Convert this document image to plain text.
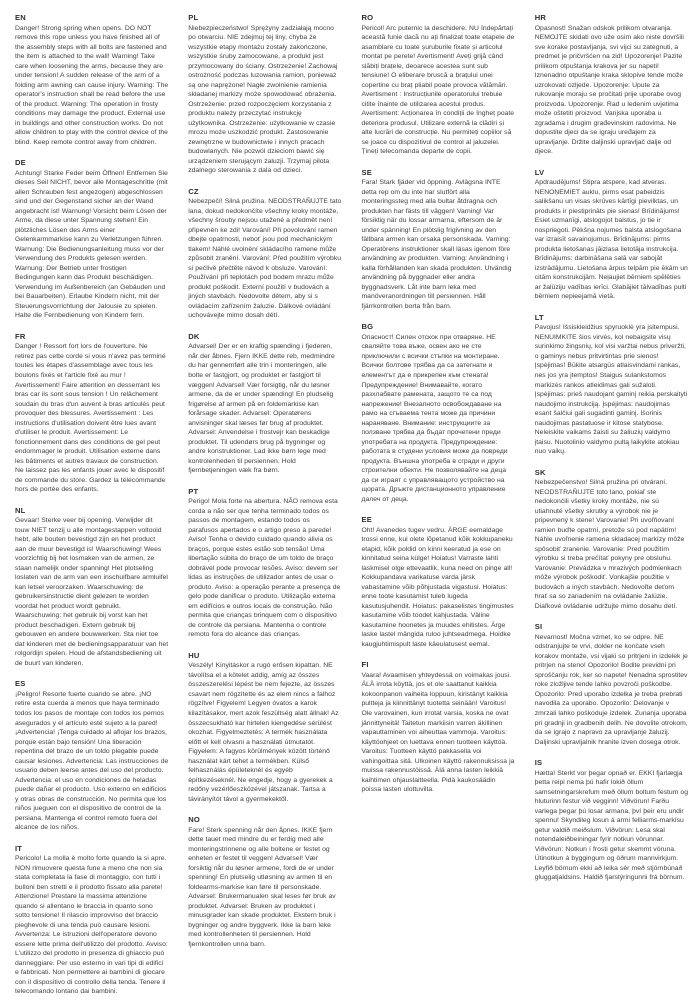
EN

Danger! Strong spring when opens. DO NOT remove this rope unless you have finished all of the assembly steps with all bolts are fastened and the item is attached to the wall! Warning! Take care when loosening the arms, because they are under tension! A sudden release of the arm of a folding arm awning can cause injury. Warning: The operator's instruction shall be read before the use of the product. Warning: The operation in frosty conditions may damage the product. External use in buildings and other construction works. Do not allow children to play with the control device of the blind. Keep remote control away from children.

DE

Achtung! Starke Feder beim Öffnen! Entfernen Sie dieses Seil NICHT, bevor alle Montageschritte (mit allen Schrauben fest angezogen) abgeschlossen sind und der Gegenstand sicher an der Wand angebracht ist! Warnung! Vorsicht beim Lösen der Arme, da diese unter Spannung stehen! Ein plötzliches Lösen des Arms einer Gelenkarmmarkise kann zu Verletzungen führen. Warnung: Die Bedienungsanleitung muss vor der Verwendung des Produkts gelesen werden. Warnung: Der Betrieb unter frostigen Bedingungen kann das Produkt beschädigen. Verwendung im Außenbereich (an Gebäuden und bei Bauarbeiten). Erlaube Kindern nicht, mit der Steuerungsvorrichtung der Jalousie zu spielen. Halte die Fernbedienung von Kindern fern.

FR

Danger ! Ressort fort lors de l'ouverture. Ne retirez pas cette corde si vous n'avez pas terminé toutes les étapes d'assemblage avec tous les boulons fixés et l'article fixé au mur ! Avertissement! Faire attention en desserrant les bras car ils sont sous tension ! Un relâchement soudain du bras d'un auvent à bras articulés peut provoquer des blessures. Avertissement : Les instructions d'utilisation doivent être lues avant d'utiliser le produit. Avertissement: Le fonctionnement dans des conditions de gel peut endommager le produit. Utilisation externe dans les bâtiments et autres travaux de construction. Ne laissez pas les enfants jouer avec le dispositif de commande du store. Gardez la télécommande hors de portée des enfants.

NL

Gevaar! Sterke veer bij opening. Verwijder dit touw NIET tenzij u alle montagestappen voltooid hebt, alle bouten bevestigd zijn en het product aan de muur bevestigd is! Waarschuwing! Wees voorzichtig bij het losmaken van de armen, ze staan namelijk onder spanning! Het plotseling loslaten van de arm van een inschuifbare armluifel kan letsel veroorzaken. Waarschuwing: de gebruikersinstructie dient gelezen te worden voordat het product wordt gebruikt. Waarschuwing: het gebruik bij vorst kan het product beschadigen. Extern gebruik bij gebouwen en andere bouwwerken. Sta niet toe dat kinderen met de bedieningsapparatuur van het rolgordijn spelen. Houd de afstandsbediening uit de buurt van kinderen.

ES

¡Peligro! Resorte fuerte cuando se abre. ¡NO retire esta cuerda a menos que haya terminado todos los pasos de montaje con todos los pernos asegurados y el artículo esté sujeto a la pared! ¡Advertencia! ¡Tenga cuidado al aflojar los brazos, porque están bajo tensión! Una liberación repentina del brazo de un toldo plegable puede causar lesiones. Advertencia: Las instrucciones de usuario deben leerse antes del uso del producto. Advertencia: el uso en condiciones de heladas puede dañar el producto. Uso externo en edificios y otras obras de construcción. No permita que los niños jueguen con el dispositivo de control de la persiana. Mantenga el control remoto fuera del alcance de los niños.

IT

Pericolo! La molla è molto forte quando la si apre. NON rimuovere questa fune a meno che non sia stata completata la fase di montaggio, con tutti i bulloni ben stretti e il prodotto fissato alla parete! Attenzione! Prestare la massima attenzione quando si allentano le braccia in quanto sono sotto tensione! Il rilascio improvviso del braccio pieghevole di una tenda può causare lesioni. Avvertenza: Le istruzioni dell'operatore devono essere lette prima dell'utilizzo del prodotto. Avviso: L'utilizzo del prodotto in presenza di ghiaccio può danneggiare. Per uso esterno in vari tipi di edifici e fabbricati. Non permettere ai bambini di giocare con il dispositivo di controllo della tenda. Tenere il telecomando lontano dai bambini.

PL

Niebezpieczeństwo! Sprężyny zadziałają mocno po otwarciu. NIE zdejmuj tej liny, chyba że wszystkie etapy montażu zostały zakończone, wszystkie śruby zamocowane, a produkt jest przymocowany do ściany. Ostrzeżenie! Zachowaj ostrożność podczas luzowania ramion, ponieważ są one naprężone! Nagłe zwolnienie ramienia składanej markizy może spowodować obrażenia. Ostrzeżenie: przed rozpoczęciem korzystania z produktu należy przeczytać instrukcję użytkownika. Ostrzeżenie: użytkowanie w czasie mrozu może uszkodzić produkt. Zastosowanie zewnętrzne w budownictwie i innych pracach budowlanych. Nie pozwól dzieciom bawić się urządzeniem sterującym żaluzji. Trzymaj pilota zdalnego sterowania z dala od dzieci.

CZ

Nebezpečí! Silná pružina. NEODSTRAŇUJTE tato lana, dokud nedokončíte všechny kroky montáže, všechny šrouby nejsou utažené a předmět není připevněn ke zdi! Varování! Při povolování ramen dbejte opatrnosti, neboť jsou pod mechanickým tlakem! Náhlé uvolnění skládacího ramene může způsobit zranění. Varování: Před použitím výrobku si pečlivě přečtěte návod k obsluze. Varování: Používání při teplotách pod bodem mrazu může produkt poškodit. Externí použití v budovách a jiných stavbách. Nedovolte dětem, aby si s ovládacím zařízením žaluzie. Dálkové ovládání uchovávejte mimo dosah dětí.

DK

Advarsel! Der er en kraftig spænding i fjederen, når der åbnes. Fjern IKKE dette reb, medmindre du har gennemført alle trin i monteringen, alle bolte er fastgjort, og produktet er fastgjort til væggen! Advarsel! Vær forsigtig, når du løsner armene, da de er under spænding! En pludselig frigørelse af armen på en foldemarkise kan forårsage skader. Advarsel: Operatørens anvisninger skal læses før brug af produktet. Advarsel: Anvendelse i frostvejr kan beskadige produktet. Til udendørs brug på bygninger og andre konstruktioner. Lad ikke børn lege med kontrolenheden til persiennen. Hold fjernbetjeningen væk fra børn.

PT

Perigo! Mola forte na abertura. NÃO remova esta corda a não ser que tenha terminado todos os passos de montagem, estando todos os parafusos apertados e o artigo preso à parede! Aviso! Tenha o devido cuidado quando alivia os braços, porque estes estão sob tensão! Uma libertação súbita do braço de um toldo de braço dobrável pode provocar lesões. Aviso: devem ser lidas as instruções de utilizador antes de usar o produto. Aviso: a operação perante a presença de gelo pode danificar o produto. Utilização externa em edifícios e outros locais de construção. Não permita que crianças brinquem com o dispositivo de controle da persiana. Mantenha o controle remoto fora do alcance das crianças.

HU

Veszély! Kinyitáskor a rugó erősen kipattan. NE távolítsa el a kötelet addig, amíg az összes összeszerelési lépést be nem fejezte, az összes csavart nem rögzítette és az elem nincs a falhoz rögzítve! Figyelem! Legyen óvatos a karok kilazításakor, mert azok feszültség alatt állnak! Az összecsukható kar hirtelen kiengedése sérülést okozhat. Figyelmeztetés: A termék használata előtt el kell olvasni a használati útmutatót. Figyelem: A fagyos körülmények között történő használat kárt tehet a termékben. Külső felhasználás épületeknél és egyéb építkezéseknél. Ne engedje, hogy a gyerekek a redőny vezérlőeszközével játszanak. Tartsa a távirányítót távol a gyermekektől.

NO

Fare! Sterk spenning når den åpnes. IKKE fjern dette tauet med mindre du er ferdig med alle monteringstrinnene og alle boltene er festet og enheten er festet til veggen! Advarsel! Vær forsiktig når du løsner armene, fordi de er under spenning! En plutselig utløsning av armen til en foldearms-markise kan føre til personskade. Advarsel: Brukermanualen skal leses før bruk av produktet. Advarsel: Bruken av produktet i minusgrader kan skade produktet. Ekstern bruk i bygninger og andre byggverk. Ikke la barn leke med kontrollenheten til persiennen. Hold fjernkontrollen unna barn.

RO

Pericol! Arc puternic la deschidere. NU îndepărtați această funie dacă nu ați finalizat toate etapele de asamblare cu toate șuruburile fixate și articolul montat pe perete! Avertisment! Aveți grijă când slăbiți brațele, deoarece acestea sunt sub tensiune! O eliberare bruscă a brațului unei copertine cu braț pliabil poate provoca vătămări. Avertisment : Instrucțiunile operatorului trebuie citite înainte de utilizarea acestui produs. Avertisment: Acționarea în condiții de îngheț poate deteriora produsul. Utilizare externă la clădiri și alte lucrări de construcție. Nu permiteți copiilor să se joace cu dispozitivul de control al jaluzelei. Țineți telecomanda departe de copii.

SE

Fara! Stark fjäder vid öppning. Avlägsna INTE detta rep om du inte har slutfört alla monteringssteg med alla bultar åtdragna och produkten har fästs till väggen! Varning! Var försiktig när du lossar armarna, eftersom de är under spänning! En plötslig frigivning av den fällbara armen kan orsaka personskada. Varning: Operatörens instruktioner skall läsas igenom före användning av produkten. Varning: Användning i kalla förhållanden kan skada produkten. Utvändig användning på byggnader eller andra byggnadsverk. Låt inte barn leka med manöveranordningen till persiennen. Håll fjärrkontrollen borta från barn.

BG

Опасност! Силен отскок при отваряне. НЕ сваляйте това въже, освен ако не сте приключили с всички стъпки на монтиране. Всички болтове трябва да са затегнати и елементът да е прикрепен към стената! Предупреждение! Внимавайте, когато разхлабвате рамената, защото те са под напрежение! Внезапното освобождаване на рамо на сгъваема тента може да причини нараняване. Внимание: инструкциите за ползване трябва да бъдат прочетени преди употребата на продукта. Предупреждение: работата в студени условия може да повреди продукта. Външна употреба в сгради и други строителни обекти. Не позволявайте на деца да си играят с управляващото устройство на щората. Дръжте дистанционното управление далеч от деца.

EE

Oht! Avanedes tugev vedru. ÄRGE eemaldage trossi enne, kui olete lõpetanud kõik kokkupaneku etapid, kõik poldid on kinni keeratud ja ese on kinnitatud seina külge! Hoiatus! Varraste lahti laskmisel olge ettevaatlik, kuna need on pinge all! Kokkupandava varikatuse varda järsk vabastamine võib põhjustada vigastusi. Hoiatus: enne toote kasutamist tuleb lugeda kasutusjuhendit. Hoiatus: pakaselistes tingimustes kasutamine võib toodet kahjustada. Väline kasutamine hoonetes ja muudes ehitistes. Ärge laske lastel mängida ruloo juhtseadmega. Hoidke kaugjuhtimispult laste käeulatusest eemal.

FI

Vaara! Avaamisen yhteydessä on voimakas jousi. ÄLÄ irrota köyttä, jos et ole saattanut kaikkia kokoonpanon vaiheita loppuun, kiristänyt kaikkia pultteja ja kiinnittänyt tuotetta seinään! Varoitus! Ole varovainen, kun irrotat varsia, koska ne ovat jännittyneitä! Taitetun markiisin varren äkillinen vapauttaminen voi aiheuttaa vammoja. Varoitus: käyttöohjeet on luettava ennen tuotteen käyttöä. Varoitus: Tuotteen käyttö pakkasella voi vahingoittaa sitä. Ulkoinen käyttö rakennuksissa ja muissa rakennustöissä. Älä anna lasten leikkiä kaihtimen ohjauslaitteella. Pidä kaukosäädin poissa lasten ulottuvilta.

HR

Opasnost! Snažan odskok prilikom otvaranja. NEMOJTE skidati ovo uže osim ako niste dovršili sve korake postavljanja, svi vijci su zategnuti, a predmet je pričvršćen na zid! Upozorenje! Pazite prilikom otpuštanja krakova jer su napeti! Iznenadno otpuštanje kraka sklopive tende može uzrokovati ozljede. Upozorenje: Upute za rukovanje moraju se pročitati prije uporabe ovog proizvoda. Upozorenje: Rad u ledenim uvjetima može oštetiti proizvod. Vanjska uporaba u zgradama i drugim građevinskim radovima. Ne dopustite djeci da se igraju uređajem za upravljanje. Držite daljinski upravljač dalje od djece.

LV

Apdraudējums! Stipra atspere, kad atveras. NENOŅEMIET auklu, pirms esat pabeidzis salikšanu un visas skrūves kārtīgi pievilktas, un produkts ir piestiprināts pie sienas! Brīdinājums! Esiet uzmanīgi, atslogojot balstus, jo tie ir nospriegoti. Pēkšņa nojumes balsta atslogošana var izraisīt savainojumus. Brīdinājums: pirms produkta lietošanas jāizlasa lietotāja instrukcija. Brīdinājums: darbināšana salā var sabojāt izstrādājumu. Lietošana ārpus telpām pie ēkām un citām konstrukcijām. Neļaujiet bērniem spēlēties ar žalūziju vadības ierīci. Glabājiet tālvadības pulti bērniem nepieejamā vietā.

LT

Pavojus! Išsiskleidžius spyruoklė yra įsitempusi. NENUIMKITE šios virvės, kol nebaigsite visų surinkimo žingsnių, kol visi varžtai nebus priveržti, o gaminys nebus pritvirtintas prie sienos! Įspėjimas! Būkite atsargūs atlaisvindami rankas, nes jos yra įtemptos! Staigus sulankstomos markizės rankos atleidimas gali sužaloti. Įspėjimas: prieš naudojant gaminį reikia perskaityti naudojimo instrukciją. Įspėjimas: naudojimas esant šalčiui gali sugadinti gaminį. Išorinis naudojimas pastatuose ir kitose statybose. Neleiskite vaikams žaisti su žaliuzių valdymo įtaisu. Nuotolinio valdymo pultą laikykite atokiau nuo vaikų.

SK

Nebezpečenstvo! Silná pružina pri otváraní. NEODSTRAŇUJTE toto lano, pokiaľ ste nedokončili všetky kroky montáže, nie sú utiahnuté všetky skrutky a výrobok nie je pripevnený k stene! Varovanie! Pri uvoľňovaní ramien buďte opatrní, pretože sú pod napätím! Náhle uvoľnenie ramena skladacej markízy môže spôsobiť zranenie. Varovanie: Pred použitím výrobku si treba prečítať pokyny pre obsluhu. Varovanie: Prevádzka v mrazivých podmienkach môže výrobok poškodiť. Vonkajšie použitie v budovách a iných stavbách. Nedovoľte deťom hrať sa so zariadením na ovládanie žalúzie. Diaľkové ovládanie udržujte mimo dosahu detí.

SI

Nevarnost! Močna vzmet, ko se odpre. NE odstranjujte te vrvi, dokler ne končate vseh korakov montaže, vsi vijaki so pritrjeni in izdelek je pritrjen na steno! Opozorilo! Bodite previdni pri sproščanju rok, ker so napete! Nenadna sprostitev roke zložljive tende lahko povzroči poškodbe. Opozorilo: Pred uporabo izdelka je treba prebrati navodila za uporabo. Opozorilo: Delovanje v zmrzali lahko poškoduje izdelek. Zunanja uporaba pri gradnji in gradbenih delih. Ne dovolite otrokom, da se igrajo z napravo za upravljanje žaluzij. Daljinski upravljalnik hranite izven dosega otrok.

IS

Hætta! Sterkt vor þegar opnað er. EKKI fjarlægja þetta reipi nema þú hafir lokið öllum samsetningarskrefum með öllum boltum festum og hluturinn festur við vegginn! Viðvörun! Farðu varlega þegar þú losar armana, því þeir eru undir spennu! Skyndileg losun á armi felliarms-markísu getur valdið meiðslum. Viðvörun: Lesa skal notendaleiðbeiningar fyrir notkun vörunnar. Viðvörun: Notkun í frosti getur skemmt vöruna. Útinotkun á byggingum og öðrum mannvirkjum. Leyfið börnum ekki að leika sér með stjórnbúnað gluggatjaldsins. Haldið fjarstýringunni frá börnum.
